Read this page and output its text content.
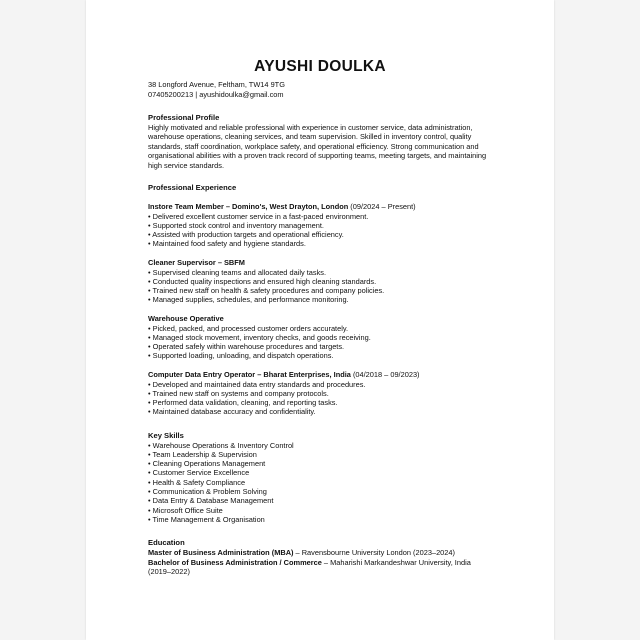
AYUSHI DOULKA
38 Longford Avenue, Feltham, TW14 9TG
07405200213 | ayushidoulka@gmail.com
Professional Profile
Highly motivated and reliable professional with experience in customer service, data administration, warehouse operations, cleaning services, and team supervision. Skilled in inventory control, quality standards, staff coordination, workplace safety, and operational efficiency. Strong communication and organisational abilities with a proven track record of supporting teams, meeting targets, and maintaining high service standards.
Professional Experience
Instore Team Member – Domino's, West Drayton, London (09/2024 – Present)
• Delivered excellent customer service in a fast-paced environment.
• Supported stock control and inventory management.
• Assisted with production targets and operational efficiency.
• Maintained food safety and hygiene standards.
Cleaner Supervisor – SBFM
• Supervised cleaning teams and allocated daily tasks.
• Conducted quality inspections and ensured high cleaning standards.
• Trained new staff on health & safety procedures and company policies.
• Managed supplies, schedules, and performance monitoring.
Warehouse Operative
• Picked, packed, and processed customer orders accurately.
• Managed stock movement, inventory checks, and goods receiving.
• Operated safely within warehouse procedures and targets.
• Supported loading, unloading, and dispatch operations.
Computer Data Entry Operator – Bharat Enterprises, India (04/2018 – 09/2023)
• Developed and maintained data entry standards and procedures.
• Trained new staff on systems and company protocols.
• Performed data validation, cleaning, and reporting tasks.
• Maintained database accuracy and confidentiality.
Key Skills
• Warehouse Operations & Inventory Control
• Team Leadership & Supervision
• Cleaning Operations Management
• Customer Service Excellence
• Health & Safety Compliance
• Communication & Problem Solving
• Data Entry & Database Management
• Microsoft Office Suite
• Time Management & Organisation
Education
Master of Business Administration (MBA) – Ravensbourne University London (2023–2024)
Bachelor of Business Administration / Commerce – Maharishi Markandeshwar University, India (2019–2022)
